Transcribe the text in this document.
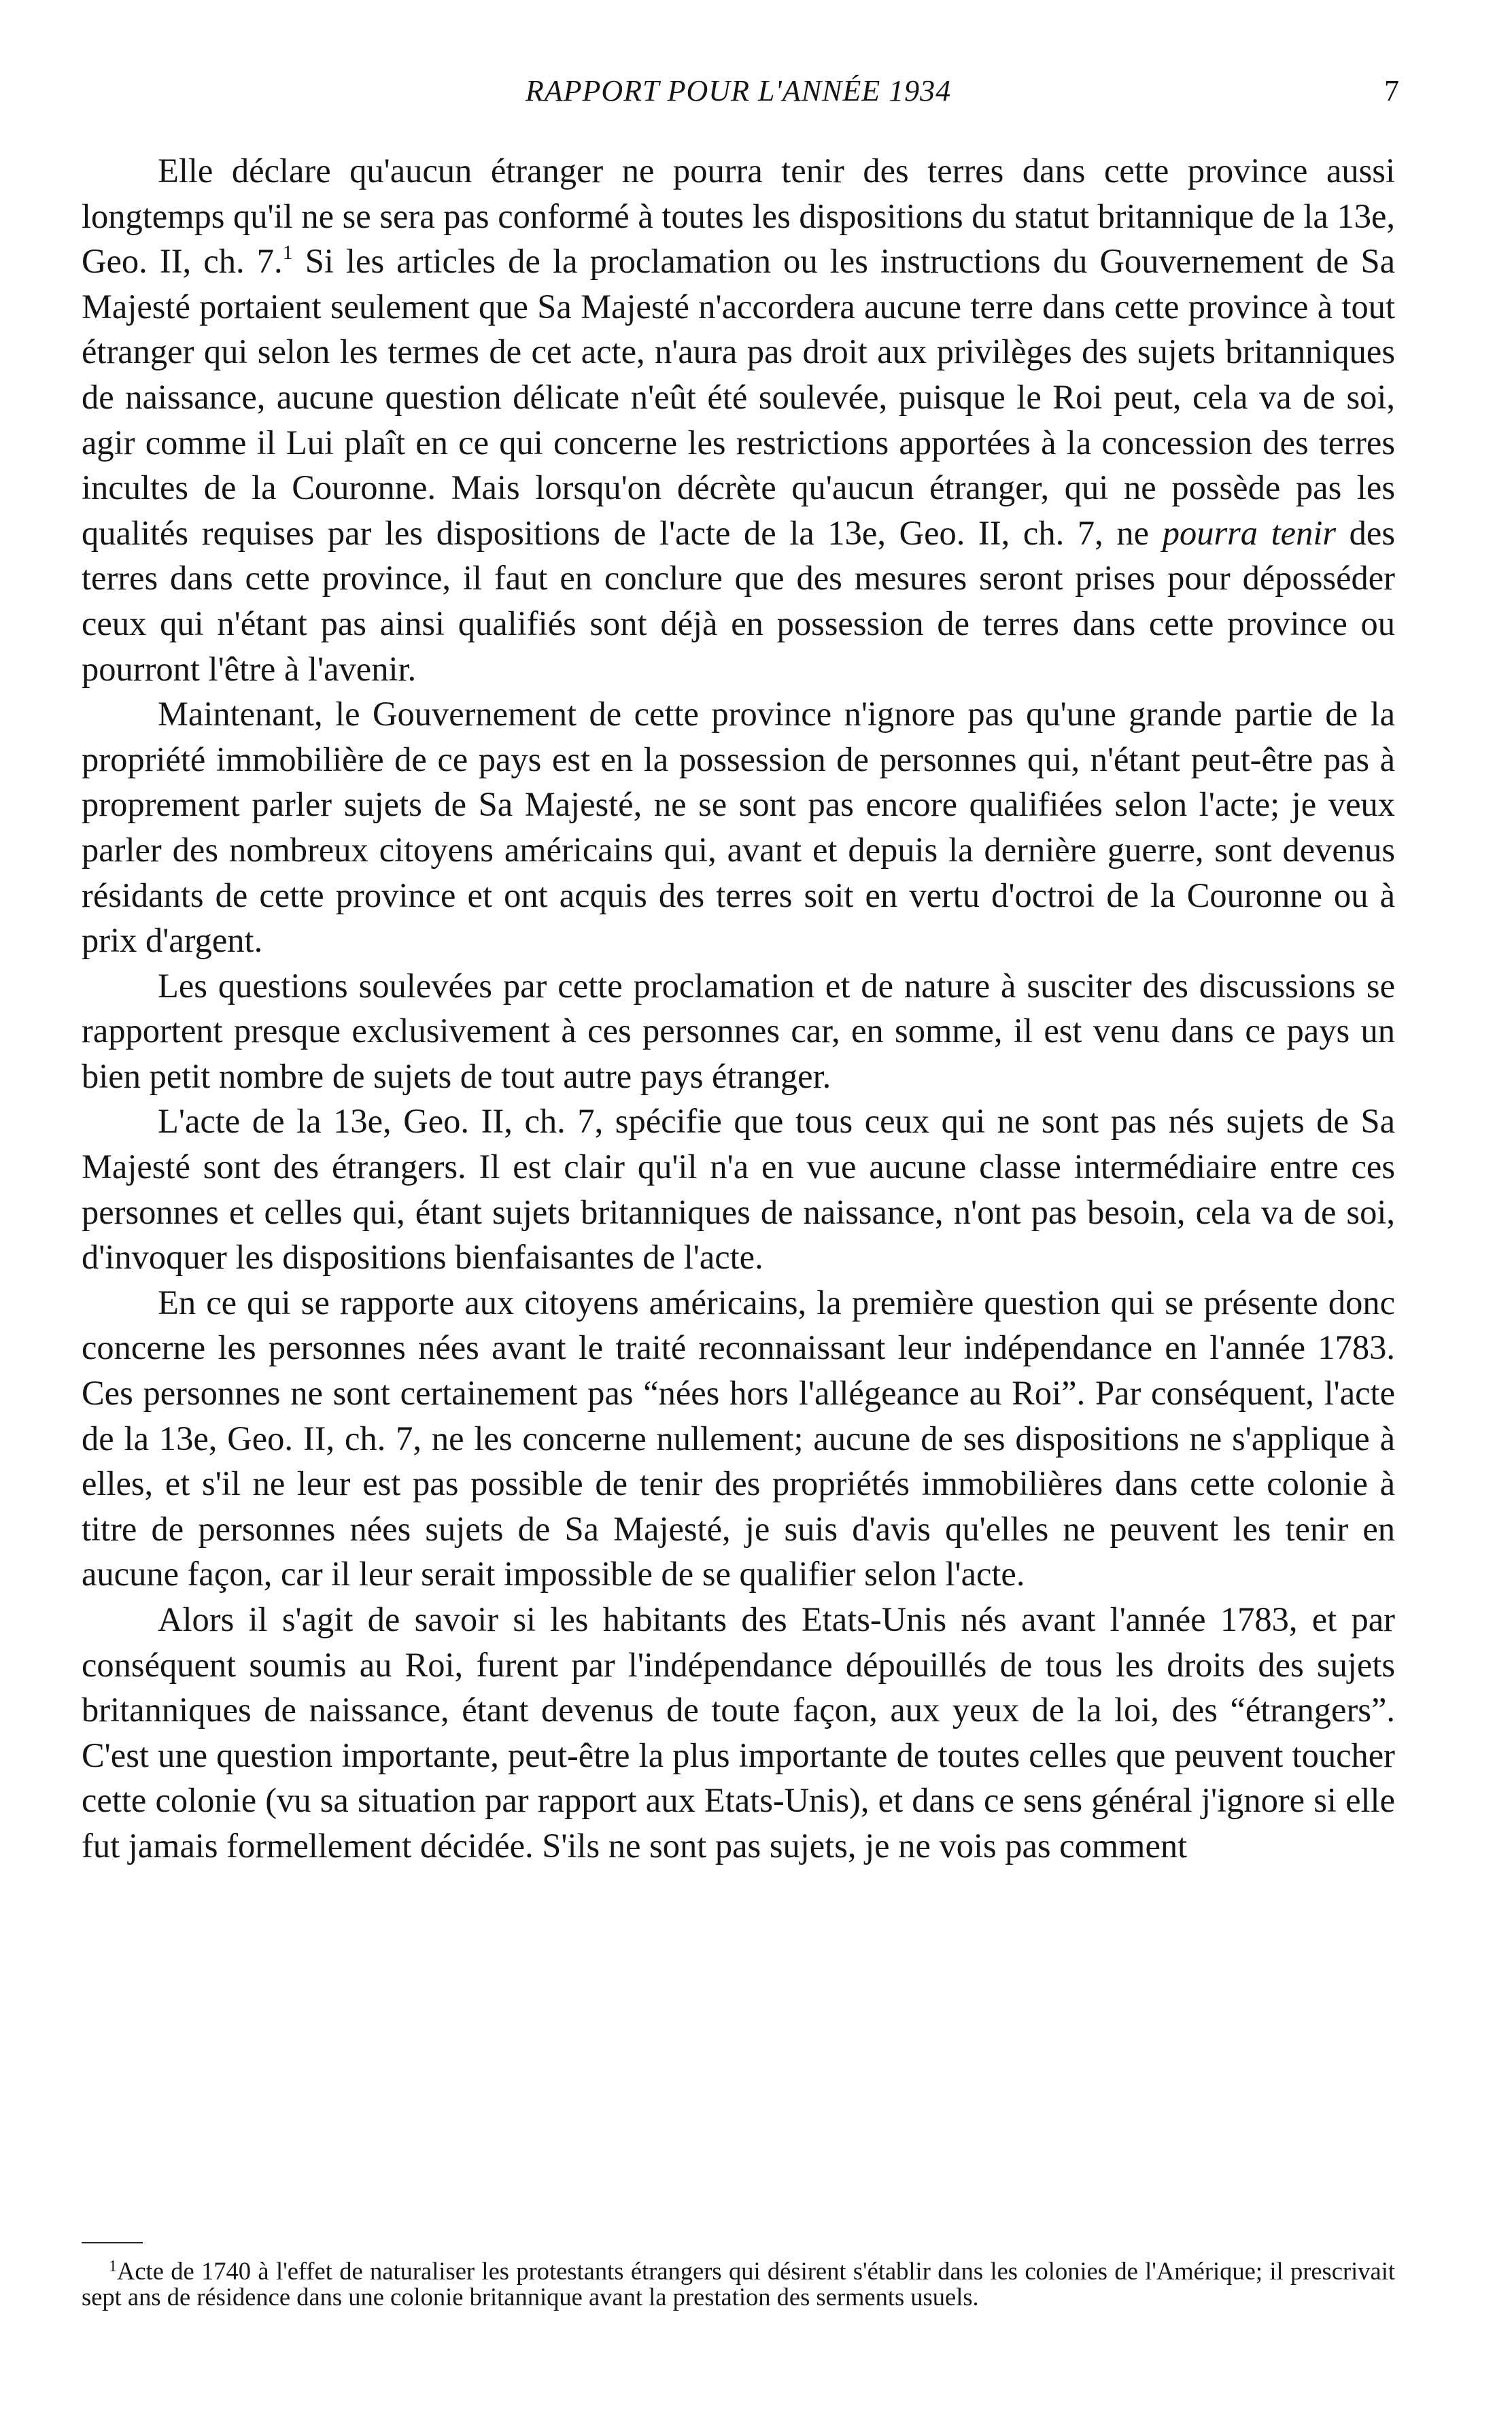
RAPPORT POUR L'ANNÉE 1934	7

Elle déclare qu'aucun étranger ne pourra tenir des terres dans cette province aussi longtemps qu'il ne se sera pas conformé à toutes les dispositions du statut britannique de la 13e, Geo. II, ch. 7.$^1$ Si les articles de la proclamation ou les instructions du Gouvernement de Sa Majesté portaient seulement que Sa Majesté n'accordera aucune terre dans cette province à tout étranger qui selon les termes de cet acte, n'aura pas droit aux privilèges des sujets britanniques de naissance, aucune question délicate n'eût été soulevée, puisque le Roi peut, cela va de soi, agir comme il Lui plaît en ce qui concerne les restrictions apportées à la concession des terres incultes de la Couronne. Mais lorsqu'on décrète qu'aucun étranger, qui ne possède pas les qualités requises par les dispositions de l'acte de la 13e, Geo. II, ch. 7, ne pourra tenir des terres dans cette province, il faut en conclure que des mesures seront prises pour déposséder ceux qui n'étant pas ainsi qualifiés sont déjà en possession de terres dans cette province ou pourront l'être à l'avenir.

Maintenant, le Gouvernement de cette province n'ignore pas qu'une grande partie de la propriété immobilière de ce pays est en la possession de personnes qui, n'étant peut-être pas à proprement parler sujets de Sa Majesté, ne se sont pas encore qualifiées selon l'acte; je veux parler des nombreux citoyens américains qui, avant et depuis la dernière guerre, sont devenus résidants de cette province et ont acquis des terres soit en vertu d'octroi de la Couronne ou à prix d'argent.

Les questions soulevées par cette proclamation et de nature à susciter des discussions se rapportent presque exclusivement à ces personnes car, en somme, il est venu dans ce pays un bien petit nombre de sujets de tout autre pays étranger.

L'acte de la 13e, Geo. II, ch. 7, spécifie que tous ceux qui ne sont pas nés sujets de Sa Majesté sont des étrangers. Il est clair qu'il n'a en vue aucune classe intermédiaire entre ces personnes et celles qui, étant sujets britanniques de naissance, n'ont pas besoin, cela va de soi, d'invoquer les dispositions bienfaisantes de l'acte.

En ce qui se rapporte aux citoyens américains, la première question qui se présente donc concerne les personnes nées avant le traité reconnaissant leur indépendance en l'année 1783. Ces personnes ne sont certainement pas “nées hors l'allégeance au Roi”. Par conséquent, l'acte de la 13e, Geo. II, ch. 7, ne les concerne nullement; aucune de ses dispositions ne s'applique à elles, et s'il ne leur est pas possible de tenir des propriétés immobilières dans cette colonie à titre de personnes nées sujets de Sa Majesté, je suis d'avis qu'elles ne peuvent les tenir en aucune façon, car il leur serait impossible de se qualifier selon l'acte.

Alors il s'agit de savoir si les habitants des Etats-Unis nés avant l'année 1783, et par conséquent soumis au Roi, furent par l'indépendance dépouillés de tous les droits des sujets britanniques de naissance, étant devenus de toute façon, aux yeux de la loi, des “étrangers”. C'est une question importante, peut-être la plus importante de toutes celles que peuvent toucher cette colonie (vu sa situation par rapport aux Etats-Unis), et dans ce sens général j'ignore si elle fut jamais formellement décidée. S'ils ne sont pas sujets, je ne vois pas comment

$^1$Acte de 1740 à l'effet de naturaliser les protestants étrangers qui désirent s'établir dans les colonies de l'Amérique; il prescrivait sept ans de résidence dans une colonie britannique avant la prestation des serments usuels.
